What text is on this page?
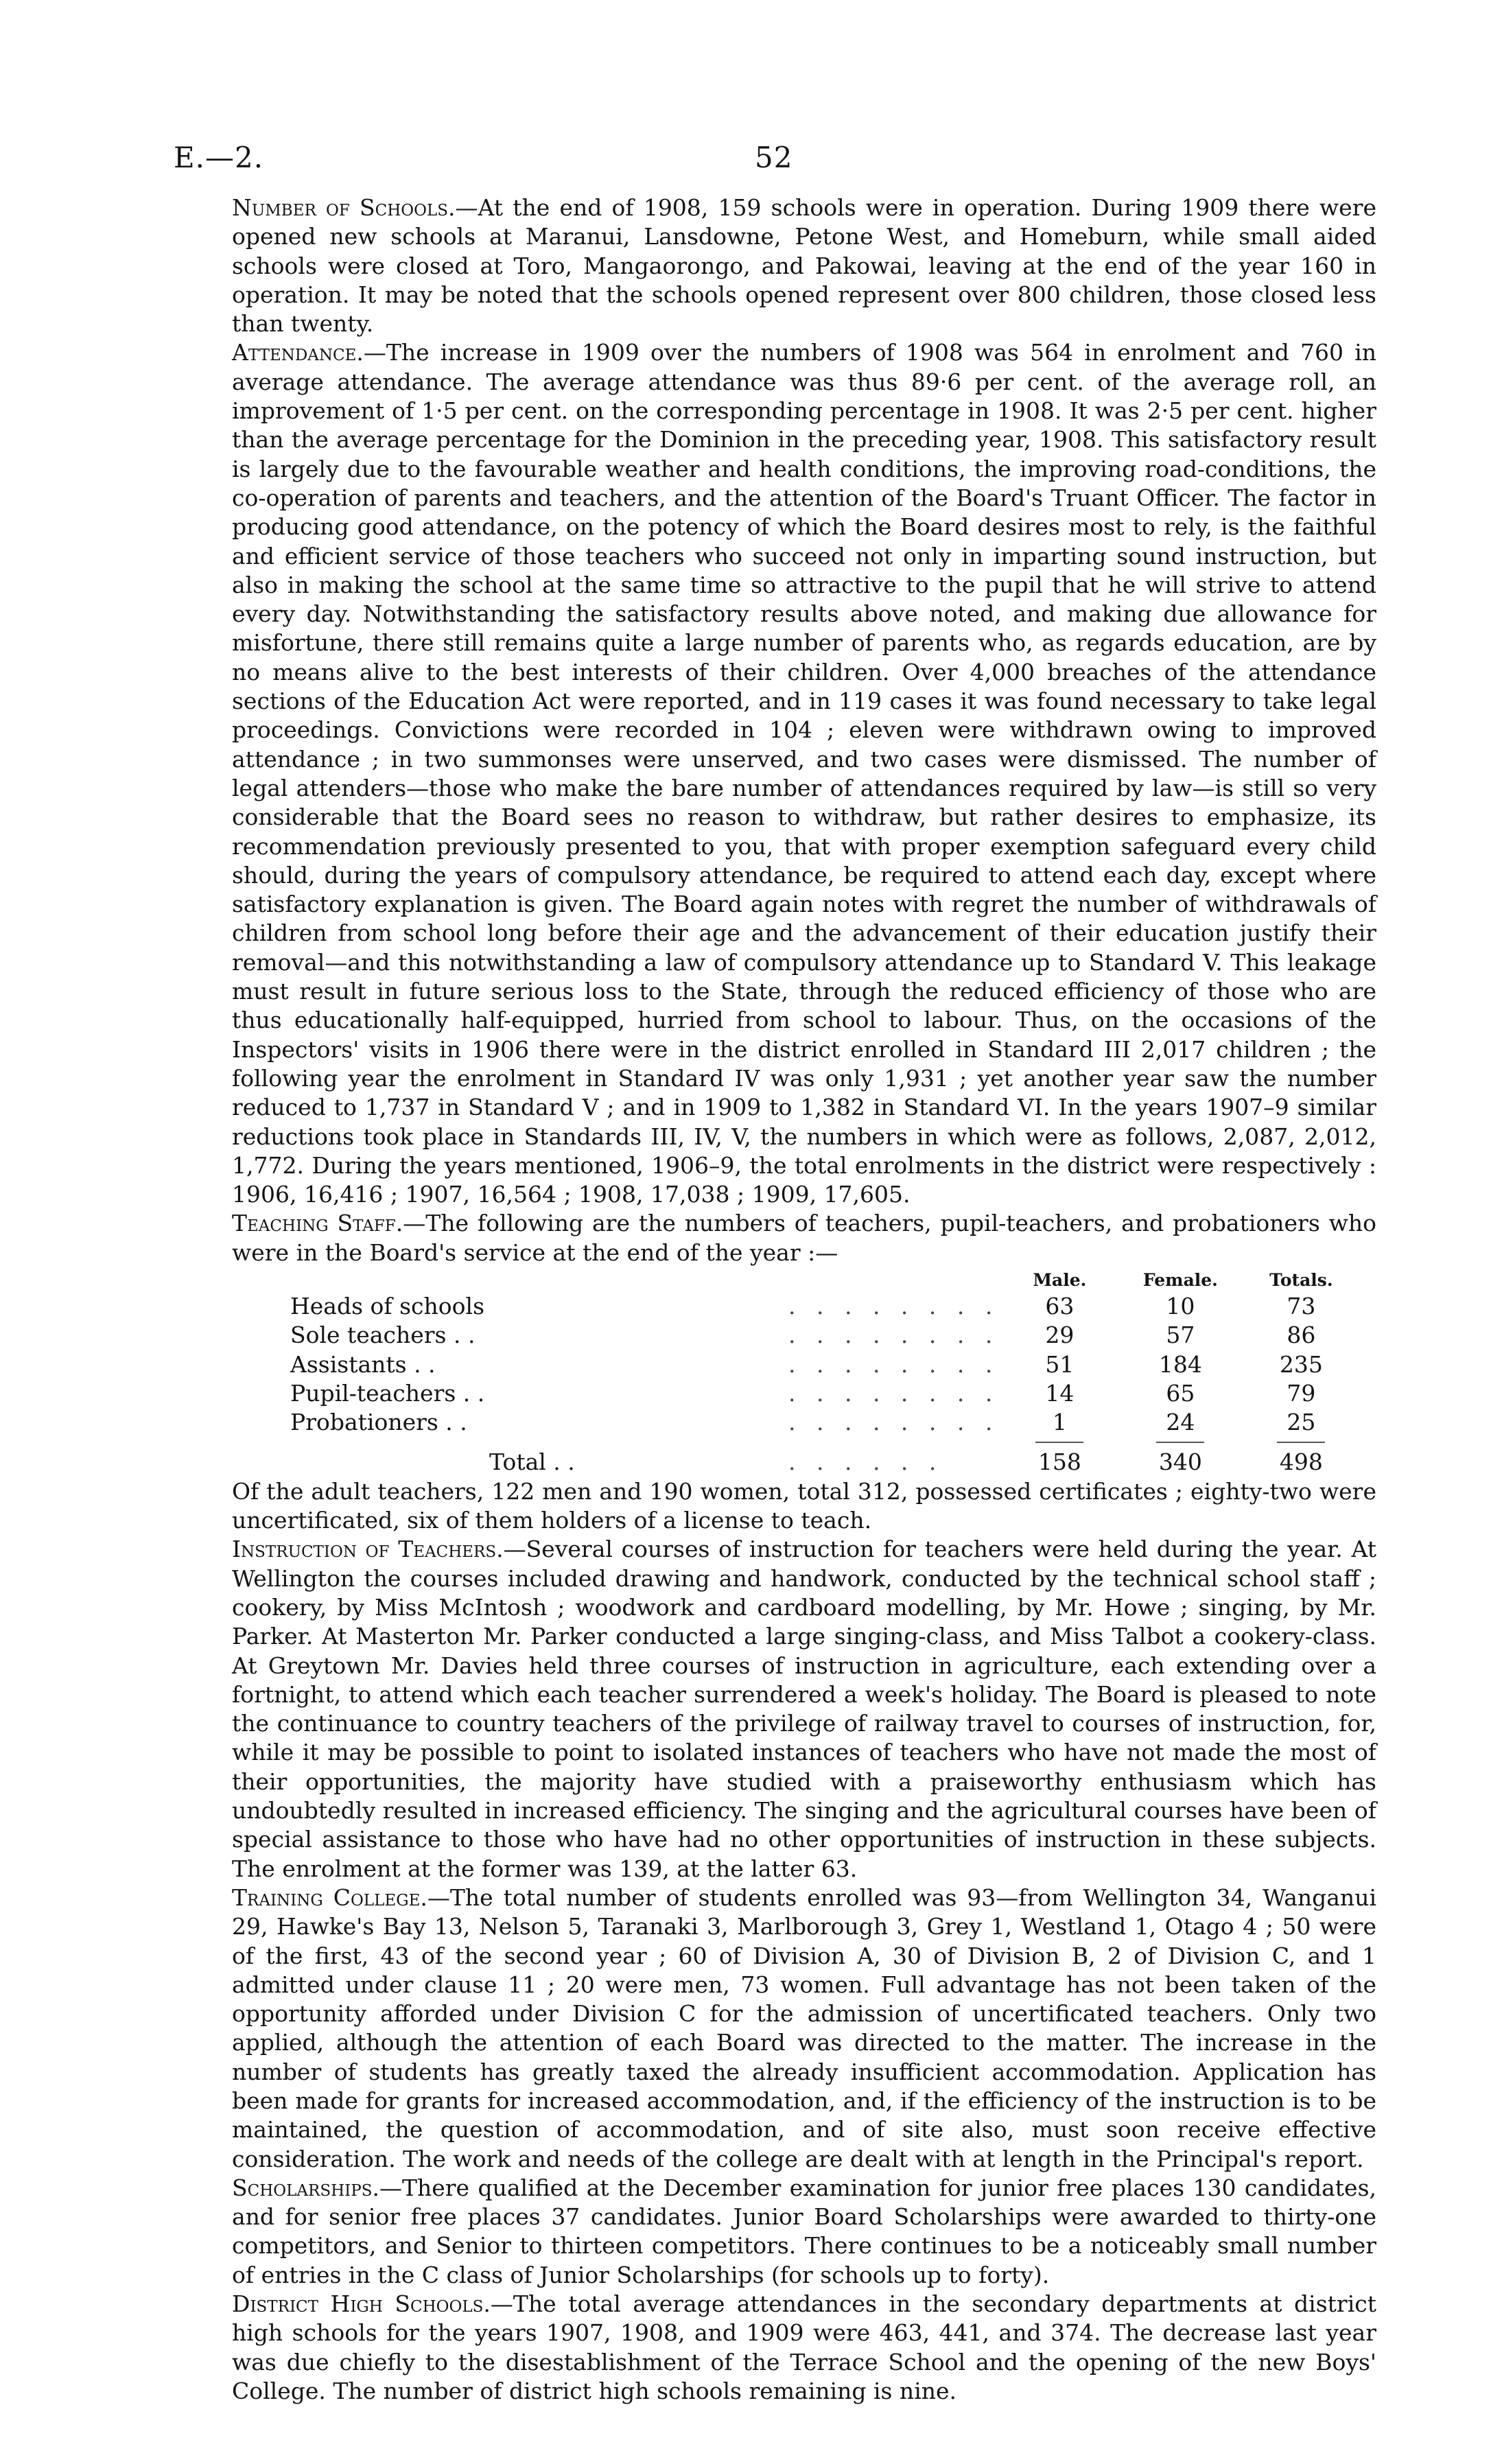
E.—2.	52

Number of Schools.—At the end of 1908, 159 schools were in operation. During 1909 there were opened new schools at Maranui, Lansdowne, Petone West, and Homeburn, while small aided schools were closed at Toro, Mangaorongo, and Pakowai, leaving at the end of the year 160 in operation. It may be noted that the schools opened represent over 800 children, those closed less than twenty.

Attendance.—The increase in 1909 over the numbers of 1908 was 564 in enrolment and 760 in average attendance. The average attendance was thus 89·6 per cent. of the average roll, an improvement of 1·5 per cent. on the corresponding percentage in 1908. It was 2·5 per cent. higher than the average percentage for the Dominion in the preceding year, 1908. This satisfactory result is largely due to the favourable weather and health conditions, the improving road-conditions, the co-operation of parents and teachers, and the attention of the Board's Truant Officer. The factor in producing good attendance, on the potency of which the Board desires most to rely, is the faithful and efficient service of those teachers who succeed not only in imparting sound instruction, but also in making the school at the same time so attractive to the pupil that he will strive to attend every day. Notwithstanding the satisfactory results above noted, and making due allowance for misfortune, there still remains quite a large number of parents who, as regards education, are by no means alive to the best interests of their children. Over 4,000 breaches of the attendance sections of the Education Act were reported, and in 119 cases it was found necessary to take legal proceedings. Convictions were recorded in 104 ; eleven were withdrawn owing to improved attendance ; in two summonses were unserved, and two cases were dismissed. The number of legal attenders—those who make the bare number of attendances required by law—is still so very considerable that the Board sees no reason to withdraw, but rather desires to emphasize, its recommendation previously presented to you, that with proper exemption safeguard every child should, during the years of compulsory attendance, be required to attend each day, except where satisfactory explanation is given. The Board again notes with regret the number of withdrawals of children from school long before their age and the advancement of their education justify their removal—and this notwithstanding a law of compulsory attendance up to Standard V. This leakage must result in future serious loss to the State, through the reduced efficiency of those who are thus educationally half-equipped, hurried from school to labour. Thus, on the occasions of the Inspectors' visits in 1906 there were in the district enrolled in Standard III 2,017 children ; the following year the enrolment in Standard IV was only 1,931 ; yet another year saw the number reduced to 1,737 in Standard V ; and in 1909 to 1,382 in Standard VI. In the years 1907–9 similar reductions took place in Standards III, IV, V, the numbers in which were as follows, 2,087, 2,012, 1,772. During the years mentioned, 1906–9, the total enrolments in the district were respectively : 1906, 16,416 ; 1907, 16,564 ; 1908, 17,038 ; 1909, 17,605.

Teaching Staff.—The following are the numbers of teachers, pupil-teachers, and probationers who were in the Board's service at the end of the year :—

		Male.	Female.	Totals.
Heads of schools	. . . . . . . .	63	10	73
Sole teachers . .	. . . . . . . .	29	57	86
Assistants . .	. . . . . . . .	51	184	235
Pupil-teachers . .	. . . . . . . .	14	65	79
Probationers . .	. . . . . . . .	1	24	25

Total . .	. . . . . .	158	340	498

Of the adult teachers, 122 men and 190 women, total 312, possessed certificates ; eighty-two were uncertificated, six of them holders of a license to teach.

Instruction of Teachers.—Several courses of instruction for teachers were held during the year. At Wellington the courses included drawing and handwork, conducted by the technical school staff ; cookery, by Miss McIntosh ; woodwork and cardboard modelling, by Mr. Howe ; singing, by Mr. Parker. At Masterton Mr. Parker conducted a large singing-class, and Miss Talbot a cookery-class. At Greytown Mr. Davies held three courses of instruction in agriculture, each extending over a fortnight, to attend which each teacher surrendered a week's holiday. The Board is pleased to note the continuance to country teachers of the privilege of railway travel to courses of instruction, for, while it may be possible to point to isolated instances of teachers who have not made the most of their opportunities, the majority have studied with a praiseworthy enthusiasm which has undoubtedly resulted in increased efficiency. The singing and the agricultural courses have been of special assistance to those who have had no other opportunities of instruction in these subjects. The enrolment at the former was 139, at the latter 63.

Training College.—The total number of students enrolled was 93—from Wellington 34, Wanganui 29, Hawke's Bay 13, Nelson 5, Taranaki 3, Marlborough 3, Grey 1, Westland 1, Otago 4 ; 50 were of the first, 43 of the second year ; 60 of Division A, 30 of Division B, 2 of Division C, and 1 admitted under clause 11 ; 20 were men, 73 women. Full advantage has not been taken of the opportunity afforded under Division C for the admission of uncertificated teachers. Only two applied, although the attention of each Board was directed to the matter. The increase in the number of students has greatly taxed the already insufficient accommodation. Application has been made for grants for increased accommodation, and, if the efficiency of the instruction is to be maintained, the question of accommodation, and of site also, must soon receive effective consideration. The work and needs of the college are dealt with at length in the Principal's report.

Scholarships.—There qualified at the December examination for junior free places 130 candidates, and for senior free places 37 candidates. Junior Board Scholarships were awarded to thirty-one competitors, and Senior to thirteen competitors. There continues to be a noticeably small number of entries in the C class of Junior Scholarships (for schools up to forty).

District High Schools.—The total average attendances in the secondary departments at district high schools for the years 1907, 1908, and 1909 were 463, 441, and 374. The decrease last year was due chiefly to the disestablishment of the Terrace School and the opening of the new Boys' College. The number of district high schools remaining is nine.
